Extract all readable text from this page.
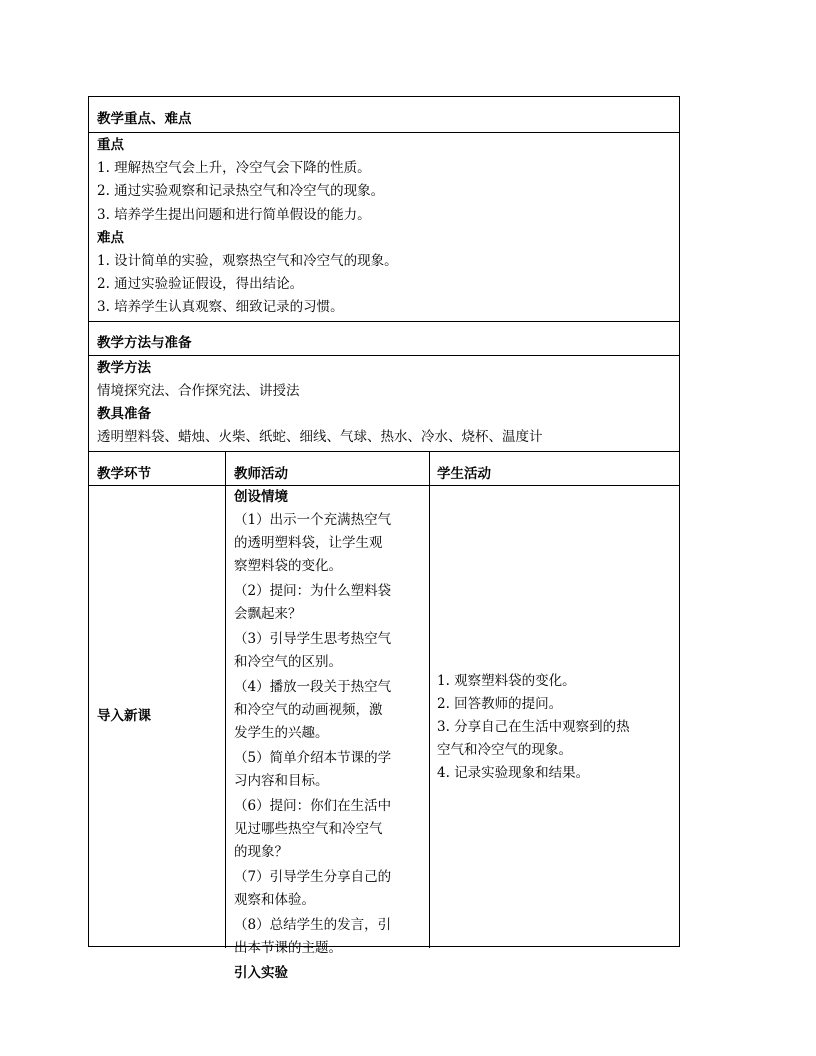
教学重点、难点
重点
1. 理解热空气会上升，冷空气会下降的性质。
2. 通过实验观察和记录热空气和冷空气的现象。
3. 培养学生提出问题和进行简单假设的能力。
难点
1. 设计简单的实验，观察热空气和冷空气的现象。
2. 通过实验验证假设，得出结论。
3. 培养学生认真观察、细致记录的习惯。
教学方法与准备
教学方法
情境探究法、合作探究法、讲授法
教具准备
透明塑料袋、蜡烛、火柴、纸蛇、细线、气球、热水、冷水、烧杯、温度计
教学环节	教师活动	学生活动
导入新课

创设情境

（1）出示一个充满热空气

的透明塑料袋，让学生观

察塑料袋的变化。

（2）提问：为什么塑料袋

会飘起来？

（3）引导学生思考热空气

和冷空气的区别。

（4）播放一段关于热空气

和冷空气的动画视频，激

发学生的兴趣。

（5）简单介绍本节课的学

习内容和目标。

（6）提问：你们在生活中

见过哪些热空气和冷空气

的现象？

（7）引导学生分享自己的

观察和体验。

（8）总结学生的发言，引

出本节课的主题。

引入实验

1. 观察塑料袋的变化。

2. 回答教师的提问。

3. 分享自己在生活中观察到的热

空气和冷空气的现象。

4. 记录实验现象和结果。
